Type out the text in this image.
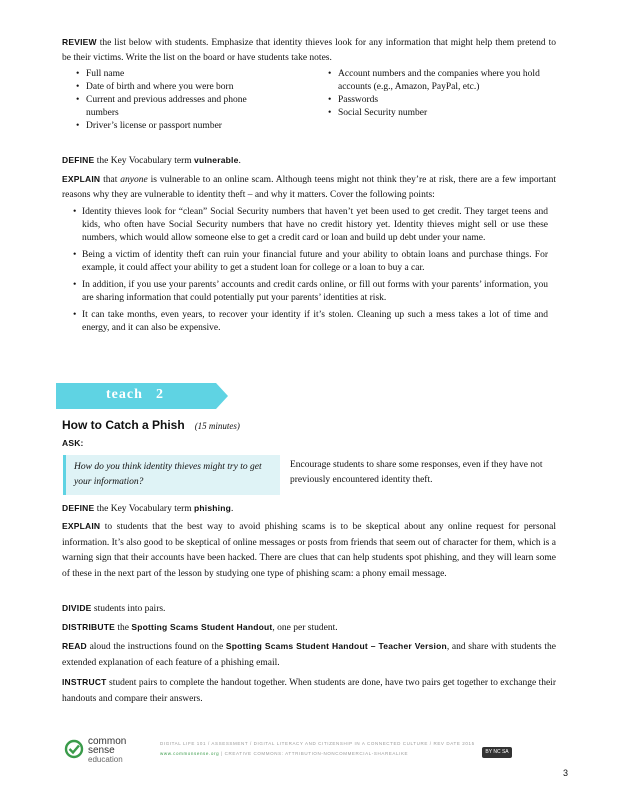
REVIEW the list below with students. Emphasize that identity thieves look for any information that might help them pretend to be their victims. Write the list on the board or have students take notes.
• Full name
• Date of birth and where you were born
• Current and previous addresses and phone numbers
• Driver’s license or passport number
• Account numbers and the companies where you hold accounts (e.g., Amazon, PayPal, etc.)
• Passwords
• Social Security number
DEFINE the Key Vocabulary term vulnerable.
EXPLAIN that anyone is vulnerable to an online scam. Although teens might not think they’re at risk, there are a few important reasons why they are vulnerable to identity theft – and why it matters. Cover the following points:
• Identity thieves look for “clean” Social Security numbers that haven’t yet been used to get credit. They target teens and kids, who often have Social Security numbers that have no credit history yet. Identity thieves might sell or use these numbers, which would allow someone else to get a credit card or loan and build up debt under your name.
• Being a victim of identity theft can ruin your financial future and your ability to obtain loans and purchase things. For example, it could affect your ability to get a student loan for college or a loan to buy a car.
• In addition, if you use your parents’ accounts and credit cards online, or fill out forms with your parents’ information, you are sharing information that could potentially put your parents’ identities at risk.
• It can take months, even years, to recover your identity if it’s stolen. Cleaning up such a mess takes a lot of time and energy, and it can also be expensive.
teach 2
How to Catch a Phish (15 minutes)
ASK:
How do you think identity thieves might try to get your information?
Encourage students to share some responses, even if they have not previously encountered identity theft.
DEFINE the Key Vocabulary term phishing.
EXPLAIN to students that the best way to avoid phishing scams is to be skeptical about any online request for personal information. It’s also good to be skeptical of online messages or posts from friends that seem out of character for them, which is a warning sign that their accounts have been hacked. There are clues that can help students spot phishing, and they will learn some of these in the next part of the lesson by studying one type of phishing scam: a phony email message.
DIVIDE students into pairs.
DISTRIBUTE the Spotting Scams Student Handout, one per student.
READ aloud the instructions found on the Spotting Scams Student Handout – Teacher Version, and share with students the extended explanation of each feature of a phishing email.
INSTRUCT student pairs to complete the handout together. When students are done, have two pairs get together to exchange their handouts and compare their answers.
common
sense
education
DIGITAL LIFE 101 / ASSESSMENT / DIGITAL LITERACY AND CITIZENSHIP IN A CONNECTED CULTURE / REV DATE 2015
www.commonsense.org | CREATIVE COMMONS: ATTRIBUTION-NONCOMMERCIAL-SHAREALIKE	BY NC SA
3
